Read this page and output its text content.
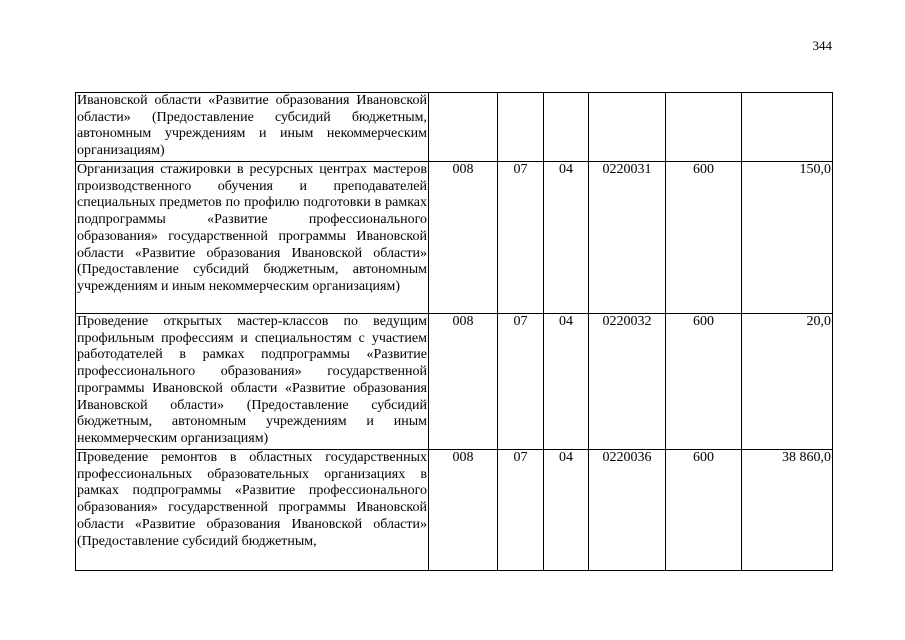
344
Ивановской области «Развитие образования Ивановской области» (Предоставление субсидий бюджетным, автономным учреждениям и иным некоммерческим организациям)						
Организация стажировки в ресурсных центрах мастеров производственного обучения и преподавателей специальных предметов по профилю подготовки в рамках подпрограммы «Развитие профессионального образования» государственной программы Ивановской области «Развитие образования Ивановской области» (Предоставление субсидий бюджетным, автономным учреждениям и иным некоммерческим организациям)	008	07	04	0220031	600	150,0
Проведение открытых мастер-классов по ведущим профильным профессиям и специальностям с участием работодателей в рамках подпрограммы «Развитие профессионального образования» государственной программы Ивановской области «Развитие образования Ивановской области» (Предоставление субсидий бюджетным, автономным учреждениям и иным некоммерческим организациям)	008	07	04	0220032	600	20,0
Проведение ремонтов в областных государственных профессиональных образовательных организациях в рамках подпрограммы «Развитие профессионального образования» государственной программы Ивановской области «Развитие образования Ивановской области» (Предоставление субсидий бюджетным,	008	07	04	0220036	600	38 860,0
